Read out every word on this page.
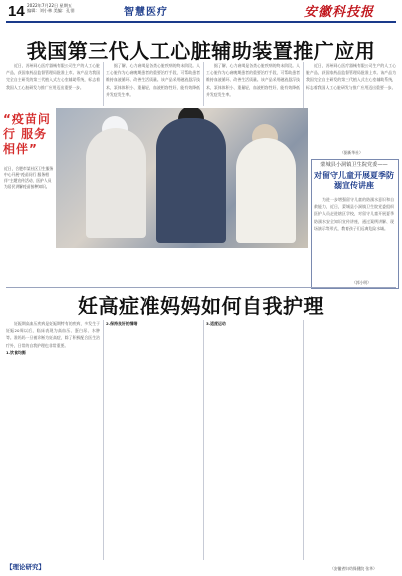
14 2022年7月22日 星期五
编辑：刘小林 美编：孔翎	智慧医疗	安徽科技报
我国第三代人工心脏辅助装置推广应用

近日，苏州同心医疗器械有限公司生产的人工心脏产品，获国家药品监督管理局批准上市。该产品为我国完全自主研发的第三代植入式左心室辅助系统，标志着我国人工心脏研发与推广应用迈出重要一步。

据了解，心力衰竭是各类心脏疾病的终末阶段。人工心脏作为心衰晚期患者的重要治疗手段，可帮助患者维持血液循环、改善生活质量。该产品采用磁液悬浮技术，泵体体积小、重量轻，血液相容性好，能有效降低并发症发生率。

据了解，心力衰竭是各类心脏疾病的终末阶段。人工心脏作为心衰晚期患者的重要治疗手段，可帮助患者维持血液循环、改善生活质量。该产品采用磁液悬浮技术，泵体体积小、重量轻，血液相容性好，能有效降低并发症发生率。

近日，苏州同心医疗器械有限公司生产的人工心脏产品，获国家药品监督管理局批准上市。该产品为我国完全自主研发的第三代植入式左心室辅助系统，标志着我国人工心脏研发与推广应用迈出重要一步。

（据新华社）
“疫苗问行 服务相伴”
近日，合肥市某社区卫生服务中心开展“疫苗问行 服务相伴”主题宣传活动，医护人员为居民讲解疫苗接种知识。
蒙城县小洞镇卫生院党委——
对留守儿童开展夏季防溺宣传讲座

为进一步增强留守儿童的防溺水意识和自救能力，近日，蒙城县小洞镇卫生院党委组织医护人员走进辖区学校，对留守儿童开展夏季防溺水安全知识宣传讲座，通过案例讲解、现场演示等形式，教育孩子们远离危险水域。

（郭小明）
妊高症准妈妈如何自我护理

妊娠期高血压疾病是妊娠期特有的疾病，多发生于妊娠20周以后，临床表现为高血压、蛋白尿、水肿等。准妈妈一旦被诊断为妊高症，除了积极配合医生治疗外，日常的自我护理也非常重要。

1.饮食均衡

2.保持良好的情绪	3.适度运动

（安徽省妇幼保健院 张华）
【理论研究】
